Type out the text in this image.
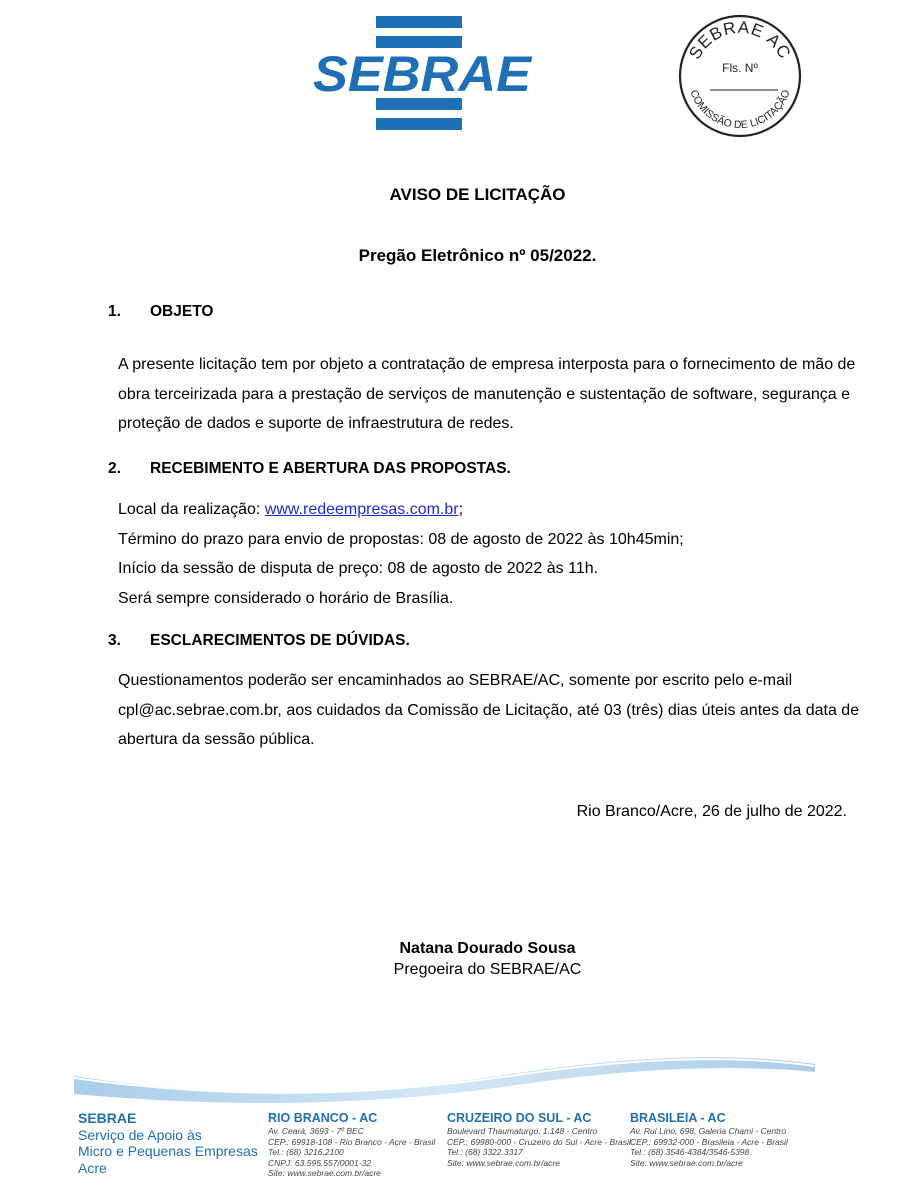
SEBRAE	SEBRAE AC
Fls. Nº
COMISSÃO DE LICITAÇÃO
AVISO DE LICITAÇÃO
Pregão Eletrônico nº 05/2022.
1. OBJETO
A presente licitação tem por objeto a contratação de empresa interposta para o fornecimento de mão de obra terceirizada para a prestação de serviços de manutenção e sustentação de software, segurança e proteção de dados e suporte de infraestrutura de redes.
2. RECEBIMENTO E ABERTURA DAS PROPOSTAS.
Local da realização: www.redeempresas.com.br;
Término do prazo para envio de propostas: 08 de agosto de 2022 às 10h45min;
Início da sessão de disputa de preço: 08 de agosto de 2022 às 11h.
Será sempre considerado o horário de Brasília.
3. ESCLARECIMENTOS DE DÚVIDAS.
Questionamentos poderão ser encaminhados ao SEBRAE/AC, somente por escrito pelo e-mail cpl@ac.sebrae.com.br, aos cuidados da Comissão de Licitação, até 03 (três) dias úteis antes da data de abertura da sessão pública.
Rio Branco/Acre, 26 de julho de 2022.
Natana Dourado Sousa
Pregoeira do SEBRAE/AC
SEBRAE
Serviço de Apoio às
Micro e Pequenas Empresas
Acre
RIO BRANCO - AC
Av. Ceará, 3693 - 7º BEC
CEP.: 69918-108 - Rio Branco - Acre - Brasil
Tel.: (68) 3216.2100
CNPJ: 63.595.557/0001-32
Site: www.sebrae.com.br/acre
CRUZEIRO DO SUL - AC
Boulevard Thaumaturgo, 1.148 - Centro
CEP.: 69980-000 - Cruzeiro do Sul - Acre - Brasil
Tel.: (68) 3322.3317
Site: www.sebrae.com.br/acre
BRASILEIA - AC
Av. Rui Lino, 698, Galeria Chami - Centro
CEP.: 69932-000 - Brasileia - Acre - Brasil
Tel.: (68) 3546-4384/3546-5398
Site: www.sebrae.com.br/acre
